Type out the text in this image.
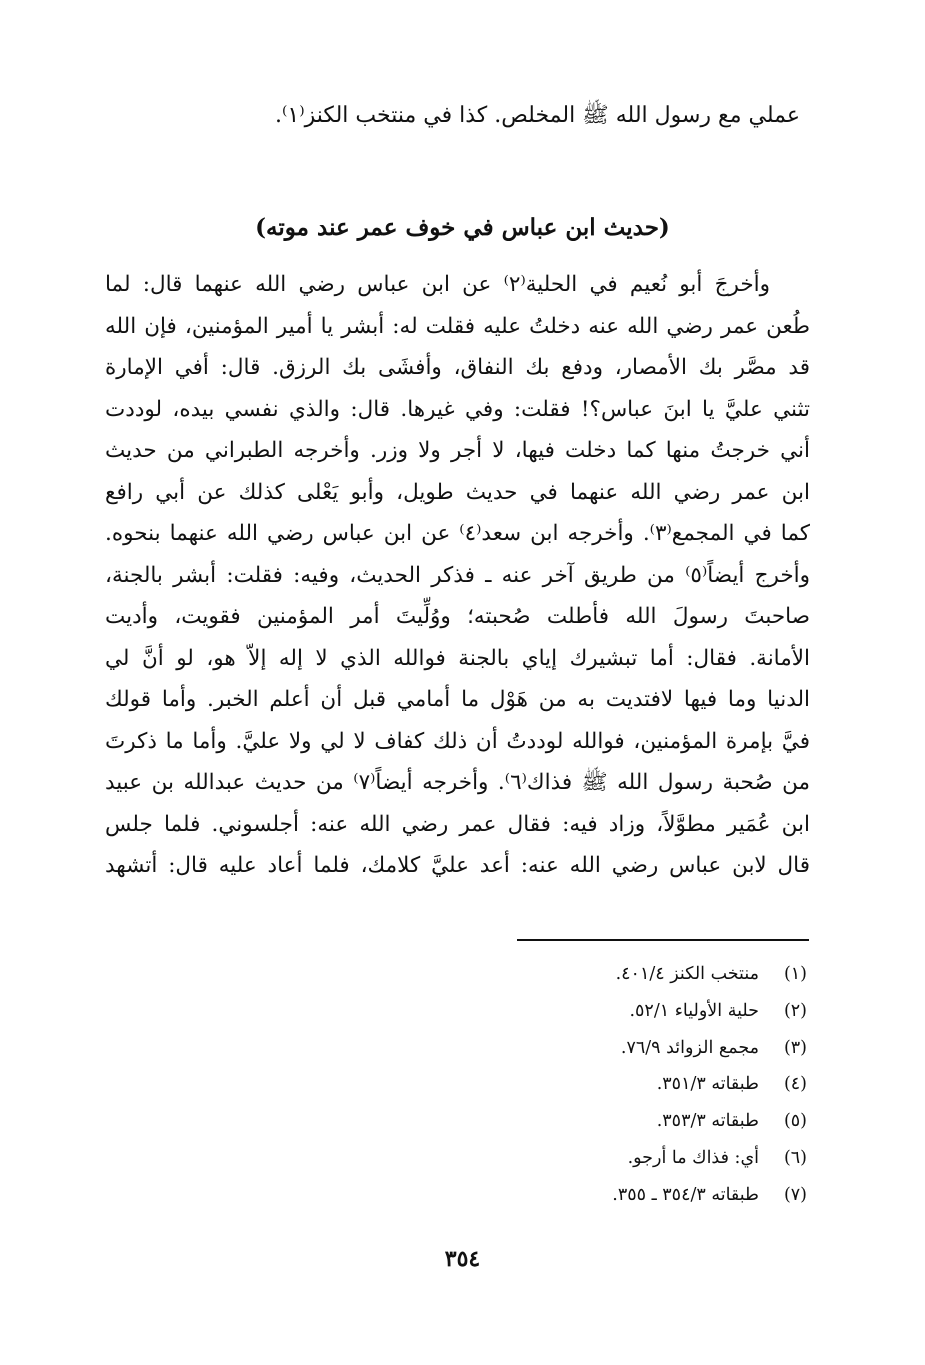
عملي مع رسول الله ﷺ المخلص. كذا في منتخب الكنز⁽١⁾.
(حديث ابن عباس في خوف عمر عند موته)
وأخرجَ أبو نُعيم في الحلية⁽٢⁾ عن ابن عباس رضي الله عنهما قال: لما
طُعن عمر رضي الله عنه دخلتُ عليه فقلت له: أبشر يا أمير المؤمنين، فإن الله
قد مصَّر بك الأمصار، ودفع بك النفاق، وأفشَى بك الرزق. قال: أفي الإمارة
تثني عليَّ يا ابنَ عباس؟! فقلت: وفي غيرها. قال: والذي نفسي بيده، لوددت
أني خرجتُ منها كما دخلت فيها، لا أجر ولا وزر. وأخرجه الطبراني من حديث
ابن عمر رضي الله عنهما في حديث طويل، وأبو يَعْلى كذلك عن أبي رافع
كما في المجمع⁽٣⁾. وأخرجه ابن سعد⁽٤⁾ عن ابن عباس رضي الله عنهما بنحوه.
وأخرج أيضاً⁽٥⁾ من طريق آخر عنه ـ فذكر الحديث، وفيه: فقلت: أبشر بالجنة،
صاحبتَ رسولَ الله فأطلت صُحبته؛ ووُلِّيتَ أمر المؤمنين فقويت، وأديت
الأمانة. فقال: أما تبشيرك إياي بالجنة فوالله الذي لا إله إلاّ هو، لو أنَّ لي
الدنيا وما فيها لافتديت به من هَوْل ما أمامي قبل أن أعلم الخبر. وأما قولك
فيَّ بإمرة المؤمنين، فوالله لوددتُ أن ذلك كفاف لا لي ولا عليَّ. وأما ما ذكرتَ
من صُحبة رسول الله ﷺ فذاك⁽٦⁾. وأخرجه أيضاً⁽٧⁾ من حديث عبدالله بن عبيد
ابن عُمَير مطوَّلاً، وزاد فيه: فقال عمر رضي الله عنه: أجلسوني. فلما جلس
قال لابن عباس رضي الله عنه: أعد عليَّ كلامك، فلما أعاد عليه قال: أتشهد
(١)
منتخب الكنز ٤٠١/٤.
(٢)
حلية الأولياء ٥٢/١.
(٣)
مجمع الزوائد ٧٦/٩.
(٤)
طبقاته ٣٥١/٣.
(٥)
طبقاته ٣٥٣/٣.
(٦)
أي: فذاك ما أرجو.
(٧)
طبقاته ٣٥٤/٣ ـ ٣٥٥.
٣٥٤
